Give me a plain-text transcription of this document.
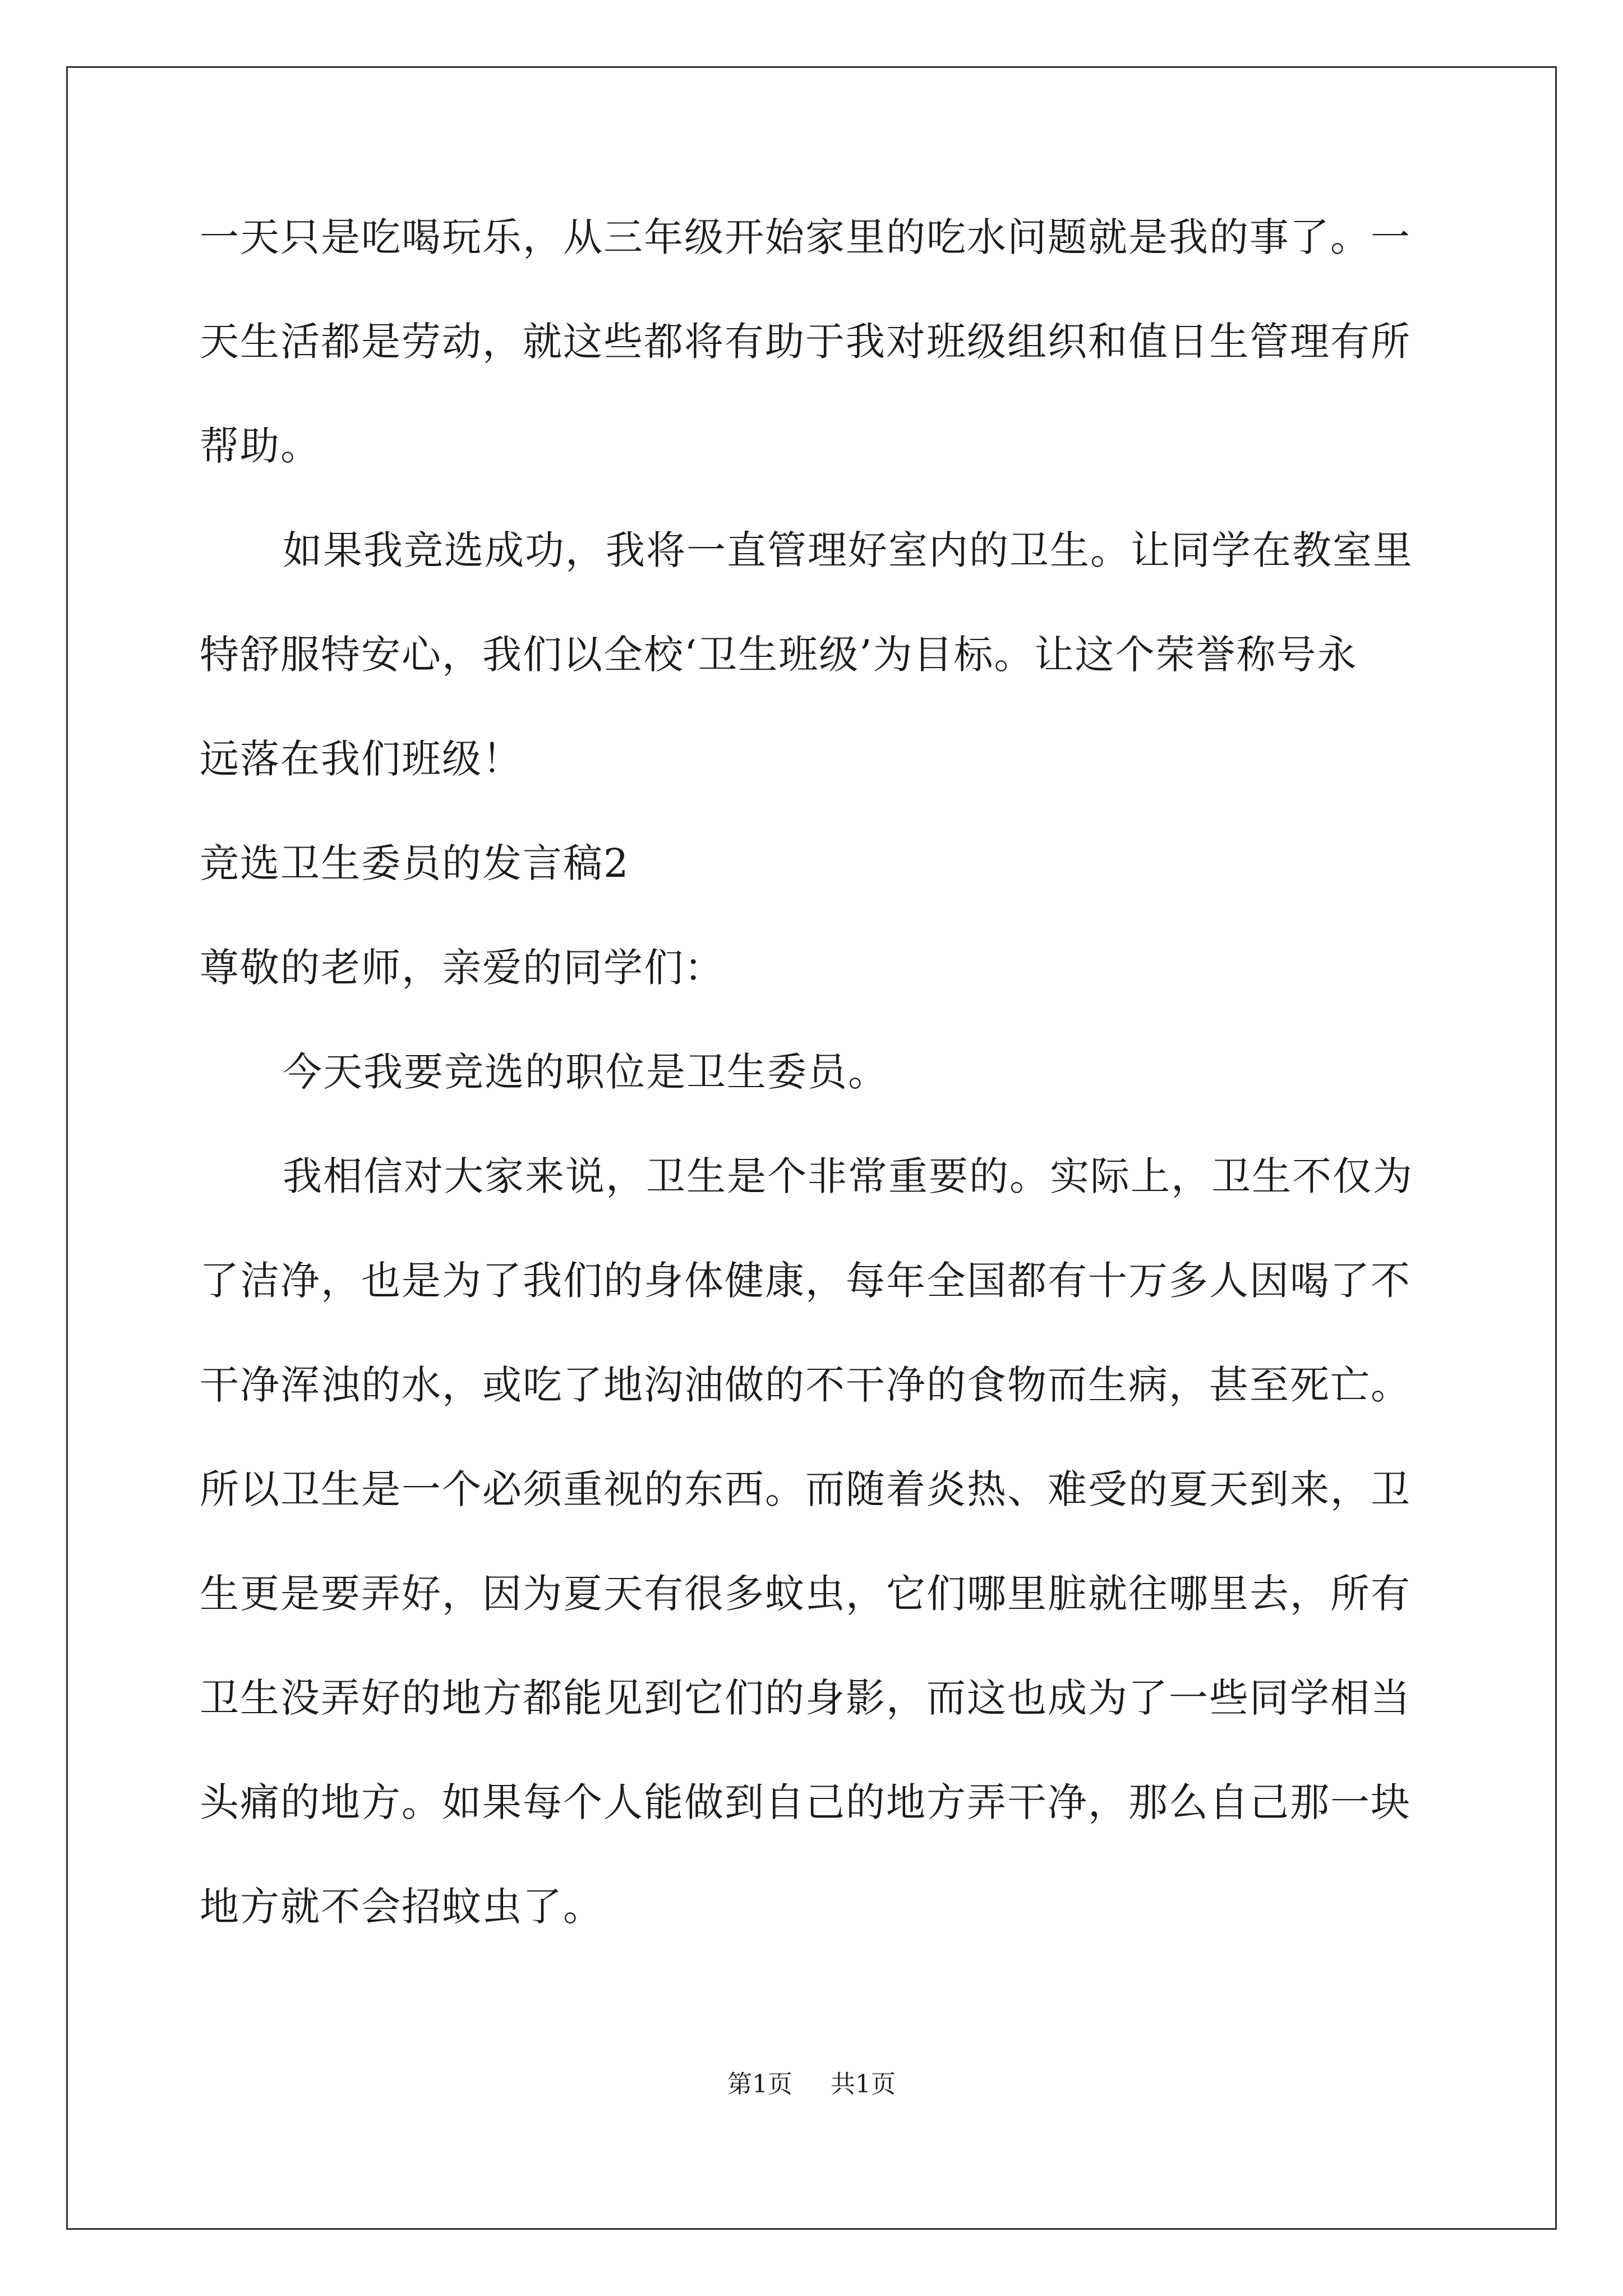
一天只是吃喝玩乐，从三年级开始家里的吃水问题就是我的事了。一
天生活都是劳动，就这些都将有助于我对班级组织和值日生管理有所
帮助。
如果我竞选成功，我将一直管理好室内的卫生。让同学在教室里
特舒服特安心，我们以全校‘卫生班级’为目标。让这个荣誉称号永
远落在我们班级！
竞选卫生委员的发言稿2
尊敬的老师，亲爱的同学们：
今天我要竞选的职位是卫生委员。
我相信对大家来说，卫生是个非常重要的。实际上，卫生不仅为
了洁净，也是为了我们的身体健康，每年全国都有十万多人因喝了不
干净浑浊的水，或吃了地沟油做的不干净的食物而生病，甚至死亡。
所以卫生是一个必须重视的东西。而随着炎热、难受的夏天到来，卫
生更是要弄好，因为夏天有很多蚊虫，它们哪里脏就往哪里去，所有
卫生没弄好的地方都能见到它们的身影，而这也成为了一些同学相当
头痛的地方。如果每个人能做到自己的地方弄干净，那么自己那一块
地方就不会招蚊虫了。
第1页 共1页
